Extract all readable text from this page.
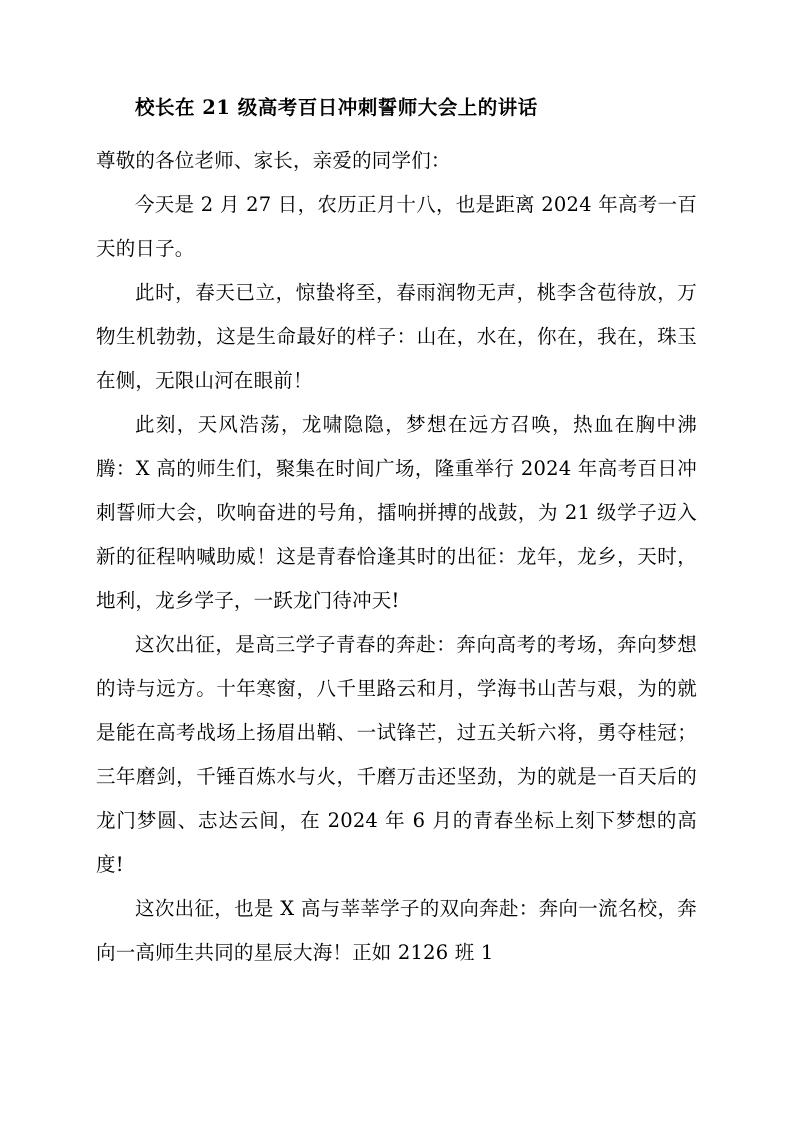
校长在 21 级高考百日冲刺誓师大会上的讲话

尊敬的各位老师、家长，亲爱的同学们：

今天是 2 月 27 日，农历正月十八，也是距离 2024 年高考一百天的日子。

此时，春天已立，惊蛰将至，春雨润物无声，桃李含苞待放，万物生机勃勃，这是生命最好的样子：山在，水在，你在，我在，珠玉在侧，无限山河在眼前！

此刻，天风浩荡，龙啸隐隐，梦想在远方召唤，热血在胸中沸腾：X 高的师生们，聚集在时间广场，隆重举行 2024 年高考百日冲刺誓师大会，吹响奋进的号角，擂响拼搏的战鼓，为 21 级学子迈入新的征程呐喊助威！这是青春恰逢其时的出征：龙年，龙乡，天时，地利，龙乡学子，一跃龙门待冲天!

这次出征，是高三学子青春的奔赴：奔向高考的考场，奔向梦想的诗与远方。十年寒窗，八千里路云和月，学海书山苦与艰，为的就是能在高考战场上扬眉出鞘、一试锋芒，过五关斩六将，勇夺桂冠；三年磨剑，千锤百炼水与火，千磨万击还坚劲，为的就是一百天后的龙门梦圆、志达云间，在 2024 年 6 月的青春坐标上刻下梦想的高度!

这次出征，也是 X 高与莘莘学子的双向奔赴：奔向一流名校，奔向一高师生共同的星辰大海！正如 2126 班 1
